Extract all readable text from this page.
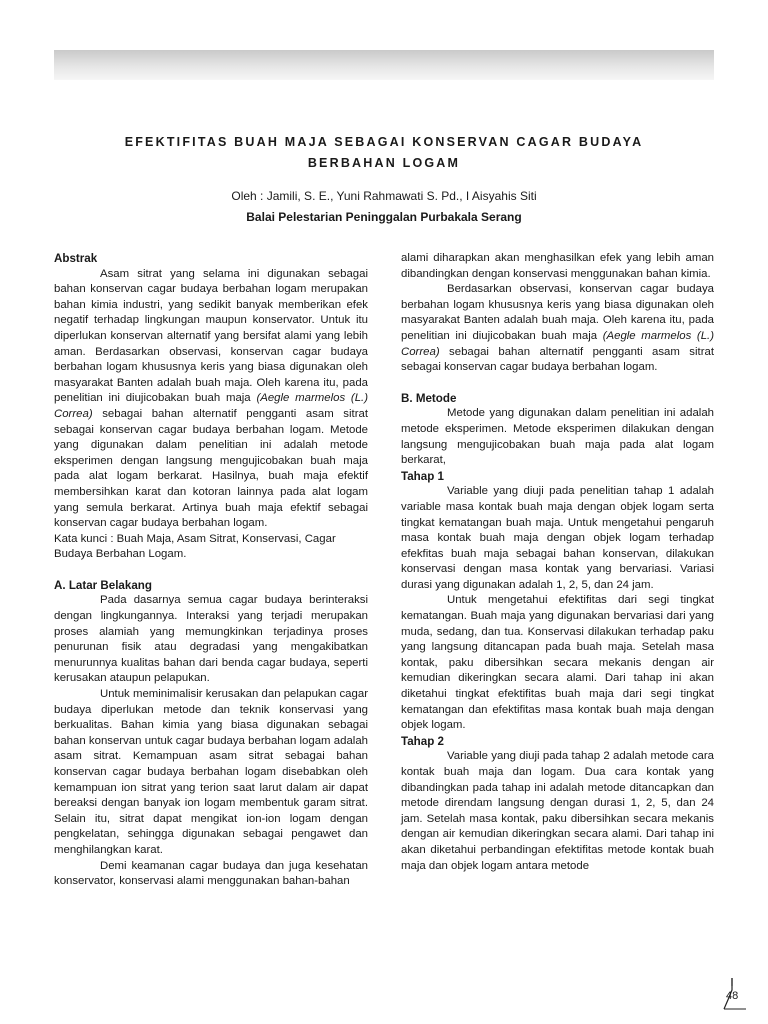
EFEKTIFITAS BUAH MAJA SEBAGAI KONSERVAN CAGAR BUDAYA
BERBAHAN LOGAM
Oleh : Jamili, S. E., Yuni Rahmawati S. Pd., I Aisyahis Siti
Balai Pelestarian Peninggalan Purbakala Serang
Abstrak

Asam sitrat yang selama ini digunakan sebagai bahan konservan cagar budaya berbahan logam merupakan bahan kimia industri, yang sedikit banyak memberikan efek negatif terhadap lingkungan maupun konservator. Untuk itu diperlukan konservan alternatif yang bersifat alami yang lebih aman. Berdasarkan observasi, konservan cagar budaya berbahan logam khususnya keris yang biasa digunakan oleh masyarakat Banten adalah buah maja. Oleh karena itu, pada penelitian ini diujicobakan buah maja (Aegle marmelos (L.) Correa) sebagai bahan alternatif pengganti asam sitrat sebagai konservan cagar budaya berbahan logam. Metode yang digunakan dalam penelitian ini adalah metode eksperimen dengan langsung mengujicobakan buah maja pada alat logam berkarat. Hasilnya, buah maja efektif membersihkan karat dan kotoran lainnya pada alat logam yang semula berkarat. Artinya buah maja efektif sebagai konservan cagar budaya berbahan logam.

Kata kunci : Buah Maja, Asam Sitrat, Konservasi, Cagar Budaya Berbahan Logam.

A. Latar Belakang

Pada dasarnya semua cagar budaya berinteraksi dengan lingkungannya. Interaksi yang terjadi merupakan proses alamiah yang memungkinkan terjadinya proses penurunan fisik atau degradasi yang mengakibatkan menurunnya kualitas bahan dari benda cagar budaya, seperti kerusakan ataupun pelapukan.

Untuk meminimalisir kerusakan dan pelapukan cagar budaya diperlukan metode dan teknik konservasi yang berkualitas. Bahan kimia yang biasa digunakan sebagai bahan konservan untuk cagar budaya berbahan logam adalah asam sitrat. Kemampuan asam sitrat sebagai bahan konservan cagar budaya berbahan logam disebabkan oleh kemampuan ion sitrat yang terion saat larut dalam air dapat bereaksi dengan banyak ion logam membentuk garam sitrat. Selain itu, sitrat dapat mengikat ion-ion logam dengan pengkelatan, sehingga digunakan sebagai pengawet dan menghilangkan karat.

Demi keamanan cagar budaya dan juga kesehatan konservator, konservasi alami menggunakan bahan-bahan

alami diharapkan akan menghasilkan efek yang lebih aman dibandingkan dengan konservasi menggunakan bahan kimia.

Berdasarkan observasi, konservan cagar budaya berbahan logam khususnya keris yang biasa digunakan oleh masyarakat Banten adalah buah maja. Oleh karena itu, pada penelitian ini diujicobakan buah maja (Aegle marmelos (L.) Correa) sebagai bahan alternatif pengganti asam sitrat sebagai konservan cagar budaya berbahan logam.

B. Metode

Metode yang digunakan dalam penelitian ini adalah metode eksperimen. Metode eksperimen dilakukan dengan langsung mengujicobakan buah maja pada alat logam berkarat,

Tahap 1

Variable yang diuji pada penelitian tahap 1 adalah variable masa kontak buah maja dengan objek logam serta tingkat kematangan buah maja. Untuk mengetahui pengaruh masa kontak buah maja dengan objek logam terhadap efekfitas buah maja sebagai bahan konservan, dilakukan konservasi dengan masa kontak yang bervariasi. Variasi durasi yang digunakan adalah 1, 2, 5, dan 24 jam.

Untuk mengetahui efektifitas dari segi tingkat kematangan. Buah maja yang digunakan bervariasi dari yang muda, sedang, dan tua. Konservasi dilakukan terhadap paku yang langsung ditancapan pada buah maja. Setelah masa kontak, paku dibersihkan secara mekanis dengan air kemudian dikeringkan secara alami. Dari tahap ini akan diketahui tingkat efektifitas buah maja dari segi tingkat kematangan dan efektifitas masa kontak buah maja dengan objek logam.

Tahap 2

Variable yang diuji pada tahap 2 adalah metode cara kontak buah maja dan logam. Dua cara kontak yang dibandingkan pada tahap ini adalah metode ditancapkan dan metode direndam langsung dengan durasi 1, 2, 5, dan 24 jam. Setelah masa kontak, paku dibersihkan secara mekanis dengan air kemudian dikeringkan secara alami. Dari tahap ini akan diketahui perbandingan efektifitas metode kontak buah maja dan objek logam antara metode

48
